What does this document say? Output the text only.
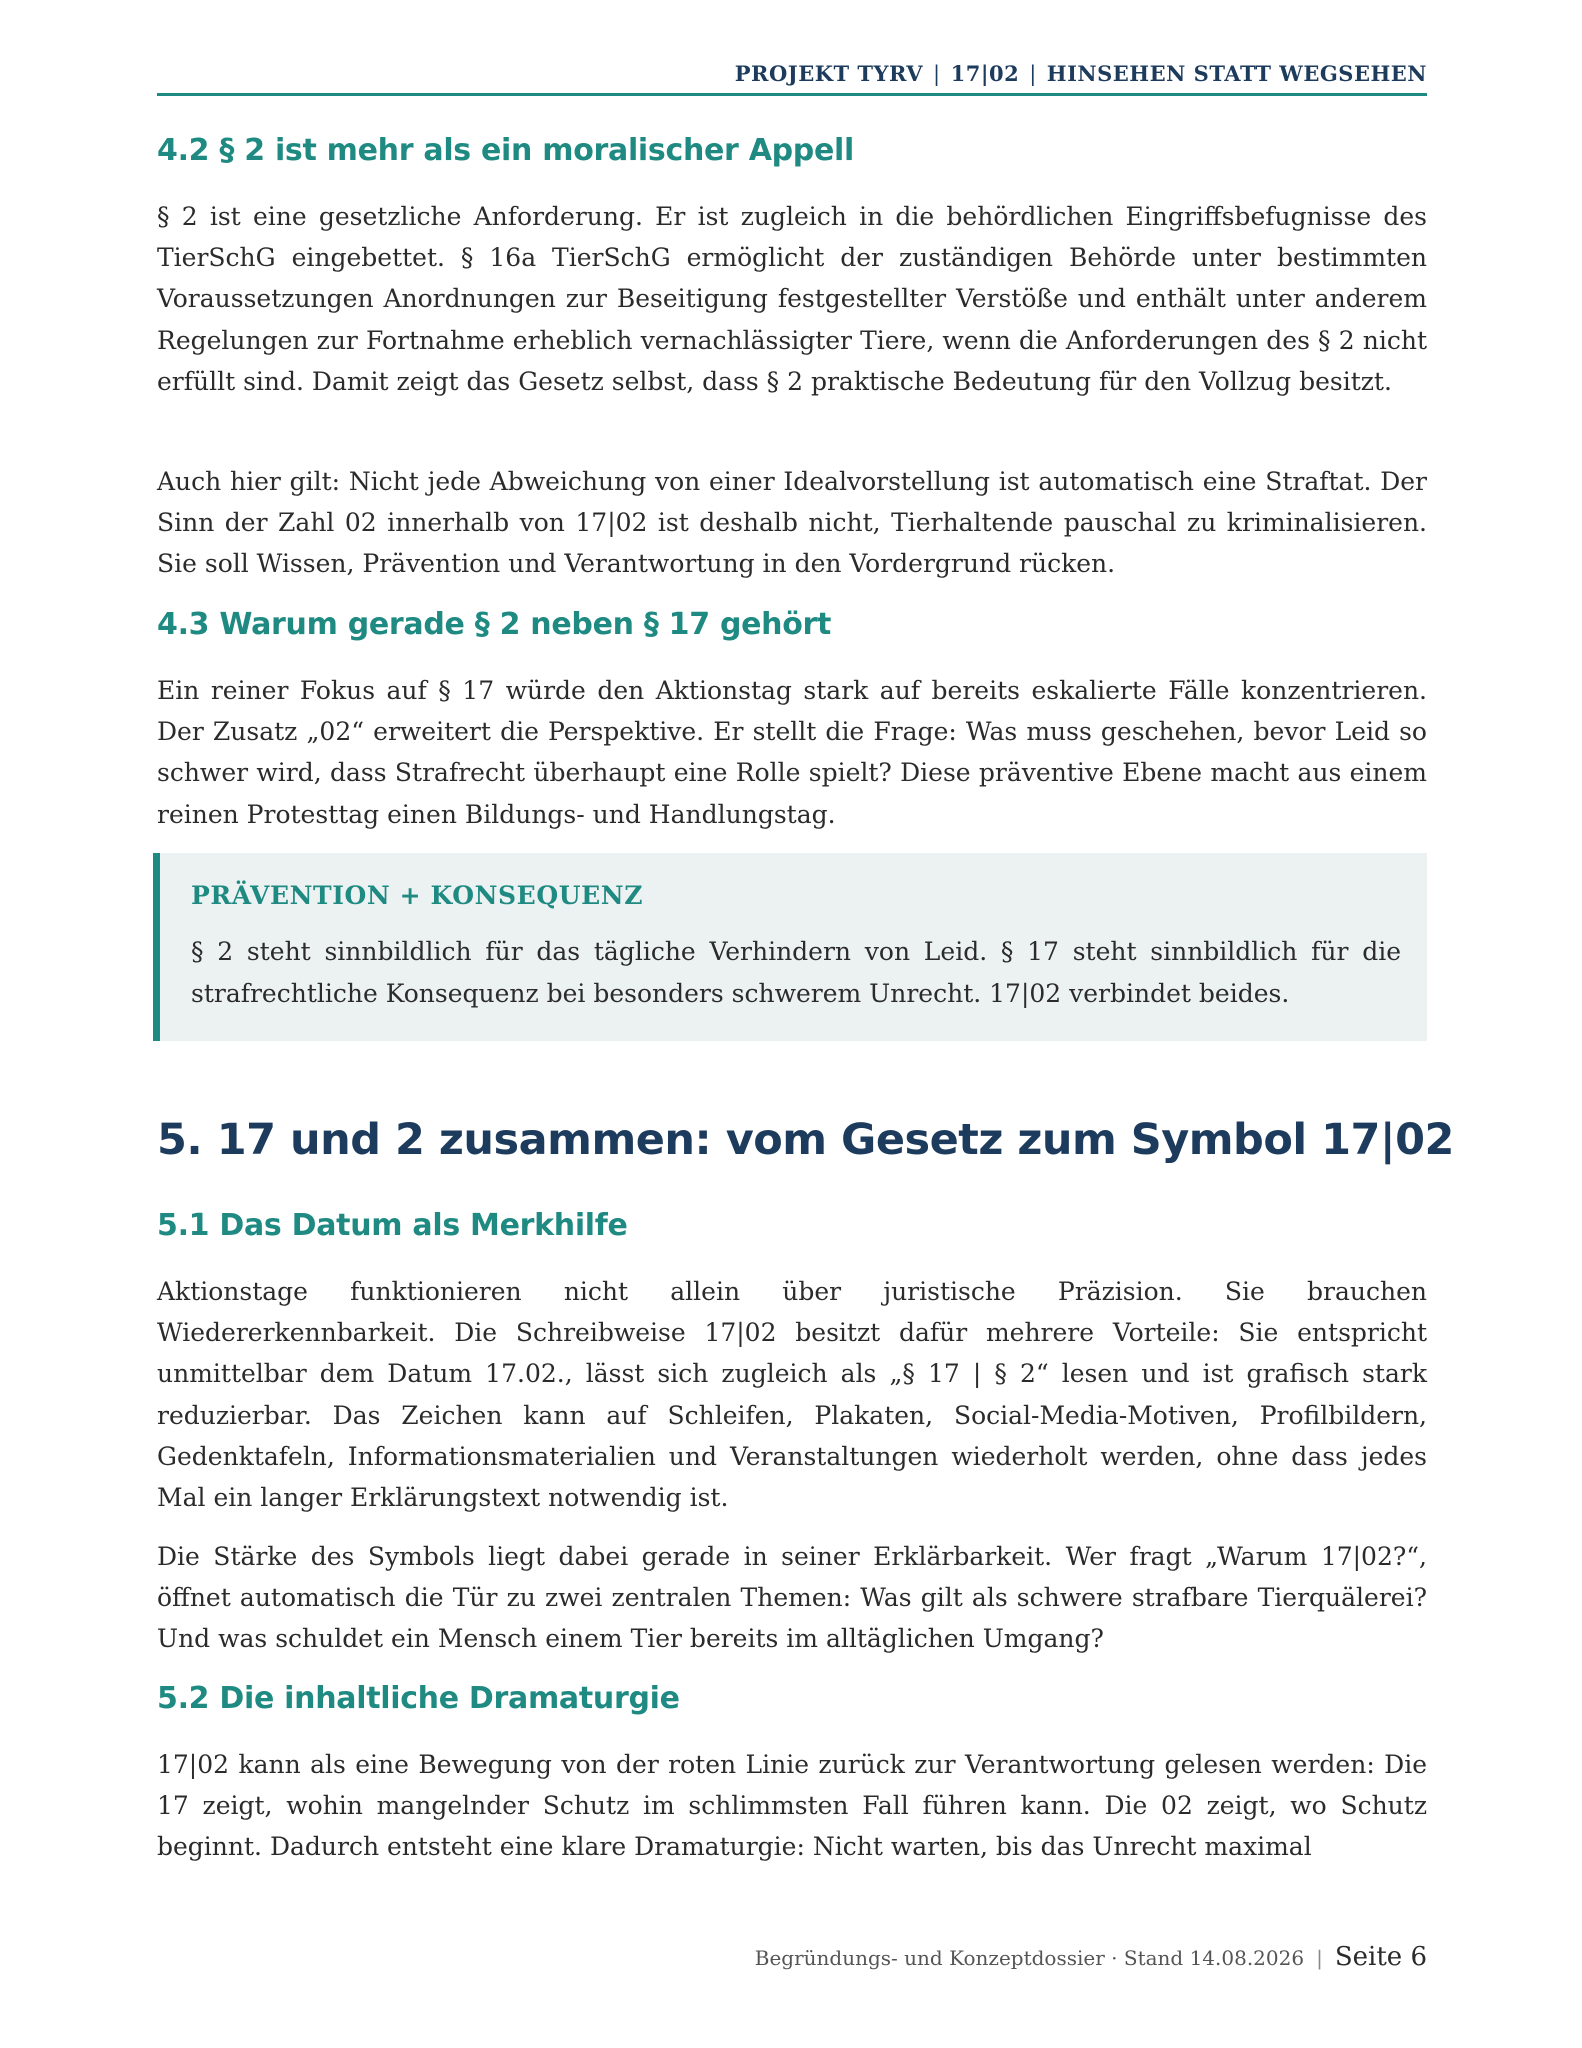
PROJEKT TYRV | 17|02 | HINSEHEN STATT WEGSEHEN
4.2 § 2 ist mehr als ein moralischer Appell
§ 2 ist eine gesetzliche Anforderung. Er ist zugleich in die behördlichen Eingriffsbefugnisse des TierSchG eingebettet. § 16a TierSchG ermöglicht der zuständigen Behörde unter bestimmten Voraussetzungen Anordnungen zur Beseitigung festgestellter Verstöße und enthält unter anderem Regelungen zur Fortnahme erheblich vernachlässigter Tiere, wenn die Anforderungen des § 2 nicht erfüllt sind. Damit zeigt das Gesetz selbst, dass § 2 praktische Bedeutung für den Vollzug besitzt.
Auch hier gilt: Nicht jede Abweichung von einer Idealvorstellung ist automatisch eine Straftat. Der Sinn der Zahl 02 innerhalb von 17|02 ist deshalb nicht, Tierhaltende pauschal zu kriminalisieren. Sie soll Wissen, Prävention und Verantwortung in den Vordergrund rücken.
4.3 Warum gerade § 2 neben § 17 gehört
Ein reiner Fokus auf § 17 würde den Aktionstag stark auf bereits eskalierte Fälle konzentrieren. Der Zusatz „02“ erweitert die Perspektive. Er stellt die Frage: Was muss geschehen, bevor Leid so schwer wird, dass Strafrecht überhaupt eine Rolle spielt? Diese präventive Ebene macht aus einem reinen Protesttag einen Bildungs- und Handlungstag.
PRÄVENTION + KONSEQUENZ
§ 2 steht sinnbildlich für das tägliche Verhindern von Leid. § 17 steht sinnbildlich für die strafrechtliche Konsequenz bei besonders schwerem Unrecht. 17|02 verbindet beides.
5. 17 und 2 zusammen: vom Gesetz zum Symbol 17|02
5.1 Das Datum als Merkhilfe
Aktionstage funktionieren nicht allein über juristische Präzision. Sie brauchen Wiedererkennbarkeit. Die Schreibweise 17|02 besitzt dafür mehrere Vorteile: Sie entspricht unmittelbar dem Datum 17.02., lässt sich zugleich als „§ 17 | § 2“ lesen und ist grafisch stark reduzierbar. Das Zeichen kann auf Schleifen, Plakaten, Social-Media-Motiven, Profilbildern, Gedenktafeln, Informationsmaterialien und Veranstaltungen wiederholt werden, ohne dass jedes Mal ein langer Erklärungstext notwendig ist.
Die Stärke des Symbols liegt dabei gerade in seiner Erklärbarkeit. Wer fragt „Warum 17|02?“, öffnet automatisch die Tür zu zwei zentralen Themen: Was gilt als schwere strafbare Tierquälerei? Und was schuldet ein Mensch einem Tier bereits im alltäglichen Umgang?
5.2 Die inhaltliche Dramaturgie
17|02 kann als eine Bewegung von der roten Linie zurück zur Verantwortung gelesen werden: Die 17 zeigt, wohin mangelnder Schutz im schlimmsten Fall führen kann. Die 02 zeigt, wo Schutz beginnt. Dadurch entsteht eine klare Dramaturgie: Nicht warten, bis das Unrecht maximal
Begründungs- und Konzeptdossier · Stand 14.08.2026 | Seite 6
